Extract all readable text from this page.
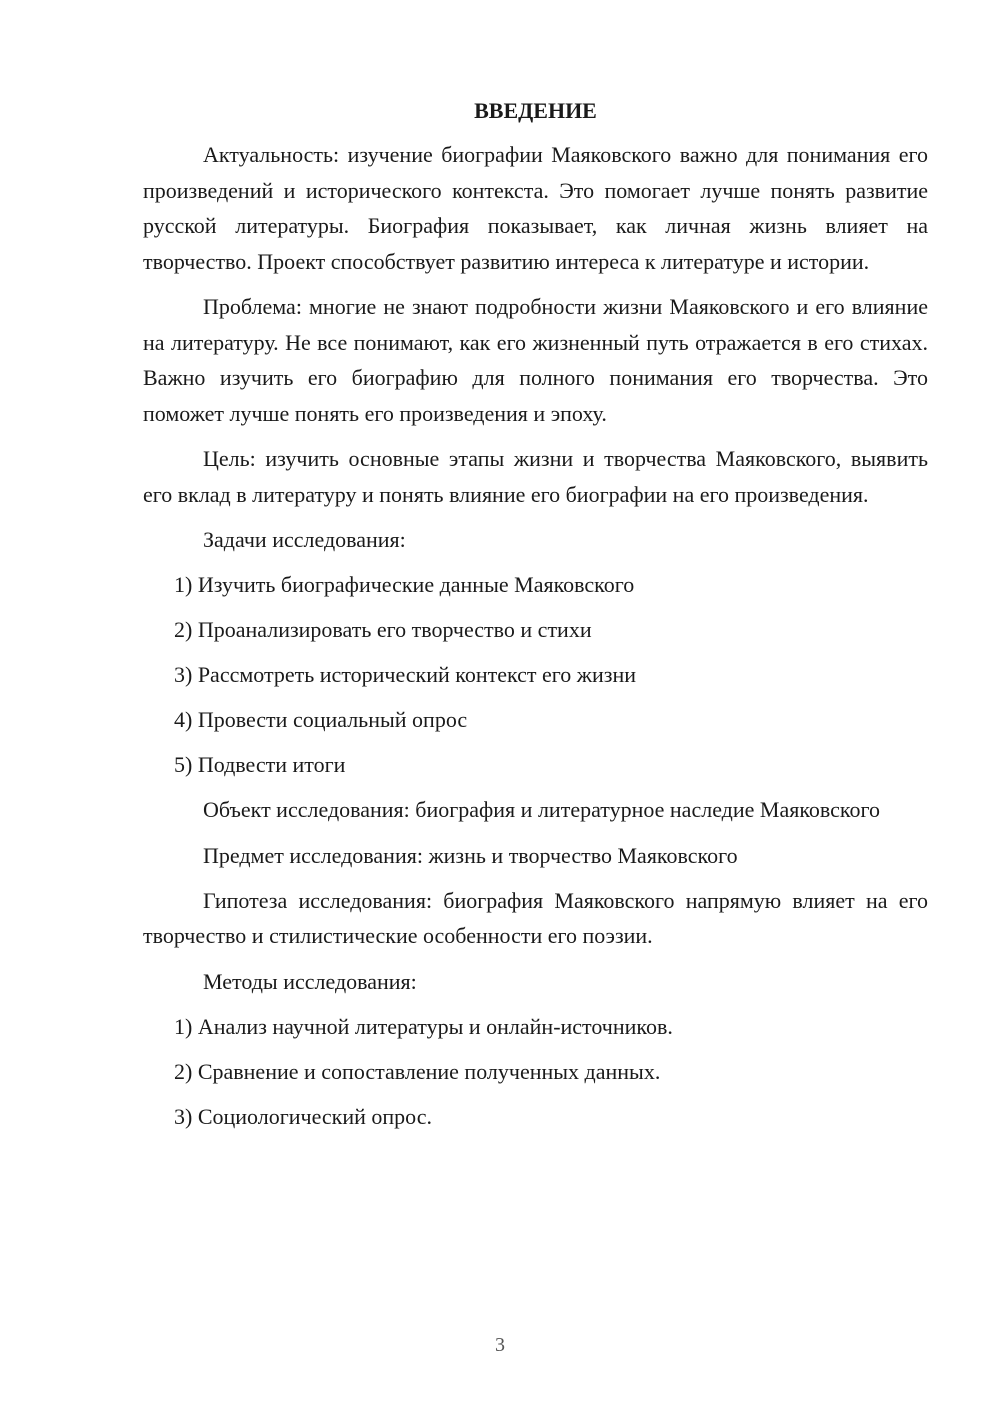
ВВЕДЕНИЕ
Актуальность: изучение биографии Маяковского важно для понимания его произведений и исторического контекста. Это помогает лучше понять развитие русской литературы. Биография показывает, как личная жизнь влияет на творчество. Проект способствует развитию интереса к литературе и истории.
Проблема: многие не знают подробности жизни Маяковского и его влияние на литературу. Не все понимают, как его жизненный путь отражается в его стихах. Важно изучить его биографию для полного понимания его творчества. Это поможет лучше понять его произведения и эпоху.
Цель: изучить основные этапы жизни и творчества Маяковского, выявить его вклад в литературу и понять влияние его биографии на его произведения.
Задачи исследования:
1) Изучить биографические данные Маяковского
2) Проанализировать его творчество и стихи
3) Рассмотреть исторический контекст его жизни
4) Провести социальный опрос
5) Подвести итоги
Объект исследования: биография и литературное наследие Маяковского
Предмет исследования: жизнь и творчество Маяковского
Гипотеза исследования: биография Маяковского напрямую влияет на его творчество и стилистические особенности его поэзии.
Методы исследования:
1) Анализ научной литературы и онлайн-источников.
2) Сравнение и сопоставление полученных данных.
3) Социологический опрос.
3
